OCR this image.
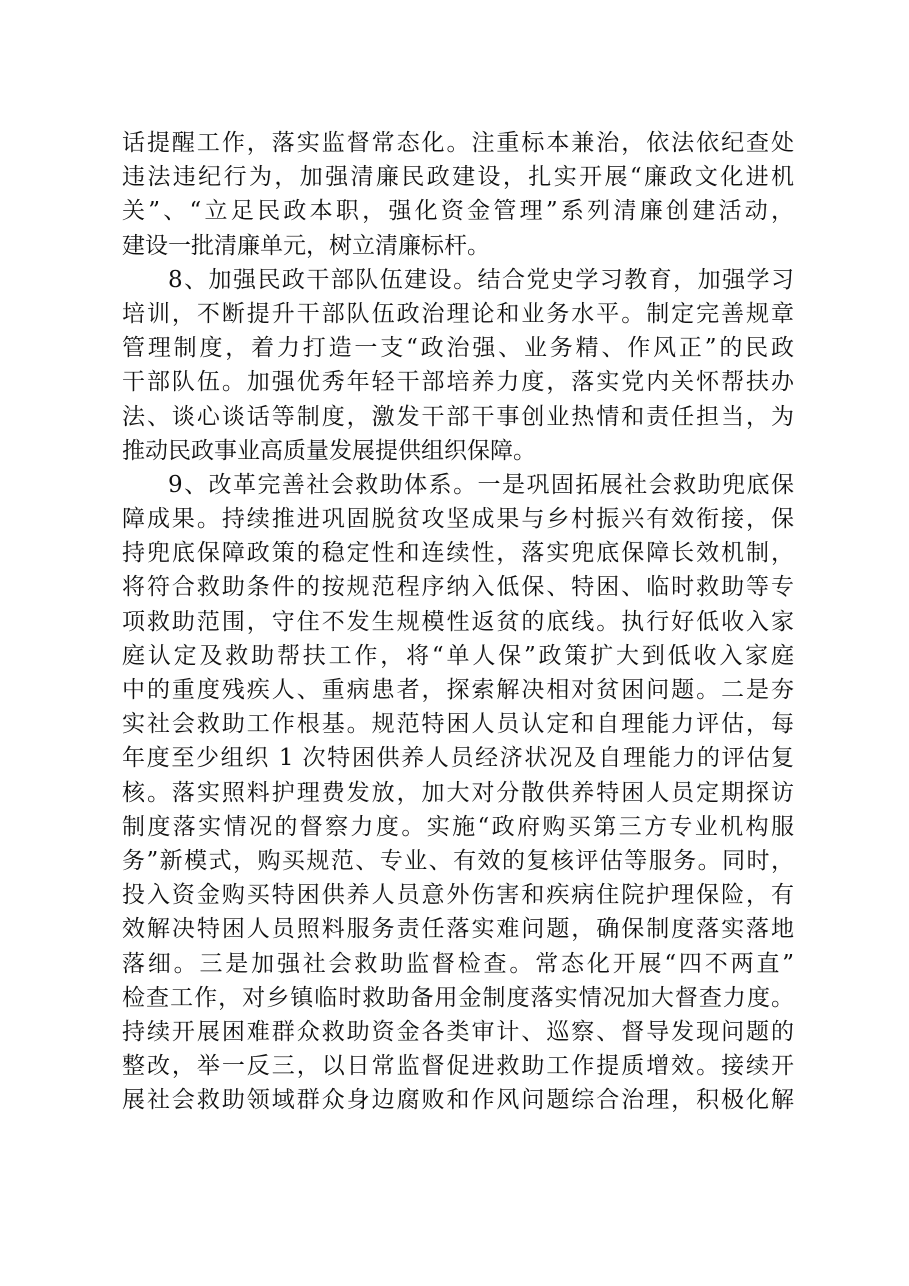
话提醒工作，落实监督常态化。注重标本兼治，依法依纪查处
违法违纪行为，加强清廉民政建设，扎实开展“廉政文化进机
关”、“立足民政本职，强化资金管理”系列清廉创建活动，
建设一批清廉单元，树立清廉标杆。
8、加强民政干部队伍建设。结合党史学习教育，加强学习
培训，不断提升干部队伍政治理论和业务水平。制定完善规章
管理制度，着力打造一支“政治强、业务精、作风正”的民政
干部队伍。加强优秀年轻干部培养力度，落实党内关怀帮扶办
法、谈心谈话等制度，激发干部干事创业热情和责任担当，为
推动民政事业高质量发展提供组织保障。
9、改革完善社会救助体系。一是巩固拓展社会救助兜底保
障成果。持续推进巩固脱贫攻坚成果与乡村振兴有效衔接，保
持兜底保障政策的稳定性和连续性，落实兜底保障长效机制，
将符合救助条件的按规范程序纳入低保、特困、临时救助等专
项救助范围，守住不发生规模性返贫的底线。执行好低收入家
庭认定及救助帮扶工作，将“单人保”政策扩大到低收入家庭
中的重度残疾人、重病患者，探索解决相对贫困问题。二是夯
实社会救助工作根基。规范特困人员认定和自理能力评估，每
年度至少组织 1 次特困供养人员经济状况及自理能力的评估复
核。落实照料护理费发放，加大对分散供养特困人员定期探访
制度落实情况的督察力度。实施“政府购买第三方专业机构服
务”新模式，购买规范、专业、有效的复核评估等服务。同时，
投入资金购买特困供养人员意外伤害和疾病住院护理保险，有
效解决特困人员照料服务责任落实难问题，确保制度落实落地
落细。三是加强社会救助监督检查。常态化开展“四不两直”
检查工作，对乡镇临时救助备用金制度落实情况加大督查力度。
持续开展困难群众救助资金各类审计、巡察、督导发现问题的
整改，举一反三，以日常监督促进救助工作提质增效。接续开
展社会救助领域群众身边腐败和作风问题综合治理，积极化解
